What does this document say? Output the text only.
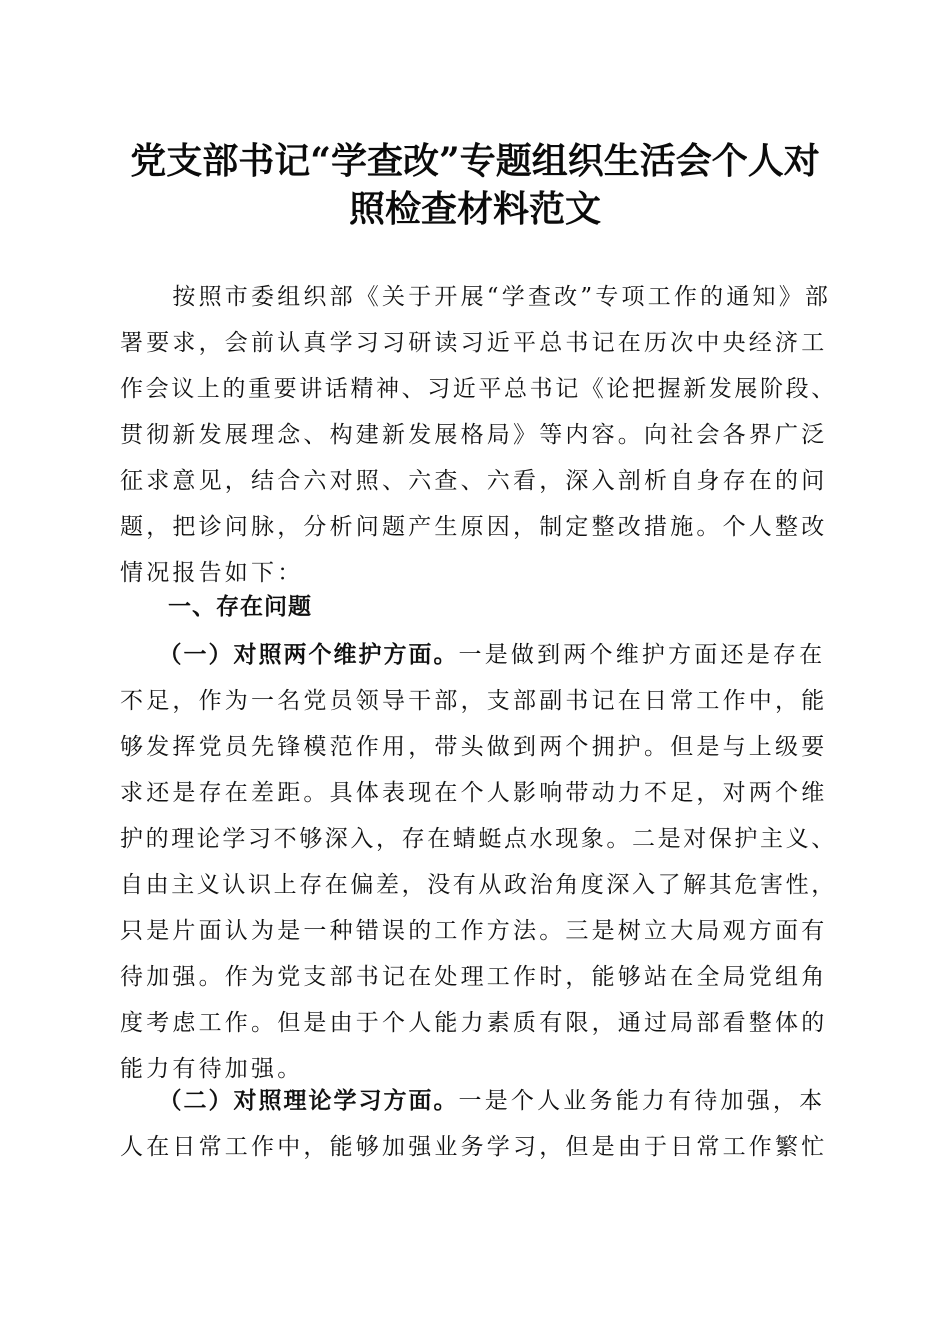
党支部书记“学查改”专题组织生活会个人对
照检查材料范文
　　按照市委组织部《关于开展“学查改”专项工作的通知》部
署要求，会前认真学习习研读习近平总书记在历次中央经济工
作会议上的重要讲话精神、习近平总书记《论把握新发展阶段、
贯彻新发展理念、构建新发展格局》等内容。向社会各界广泛
征求意见，结合六对照、六查、六看，深入剖析自身存在的问
题，把诊问脉，分析问题产生原因，制定整改措施。个人整改
情况报告如下：
　　一、存在问题
　　（一）对照两个维护方面。一是做到两个维护方面还是存在
不足，作为一名党员领导干部，支部副书记在日常工作中，能
够发挥党员先锋模范作用，带头做到两个拥护。但是与上级要
求还是存在差距。具体表现在个人影响带动力不足，对两个维
护的理论学习不够深入，存在蜻蜓点水现象。二是对保护主义、
自由主义认识上存在偏差，没有从政治角度深入了解其危害性，
只是片面认为是一种错误的工作方法。三是树立大局观方面有
待加强。作为党支部书记在处理工作时，能够站在全局党组角
度考虑工作。但是由于个人能力素质有限，通过局部看整体的
能力有待加强。
　　（二）对照理论学习方面。一是个人业务能力有待加强，本
人在日常工作中，能够加强业务学习，但是由于日常工作繁忙
